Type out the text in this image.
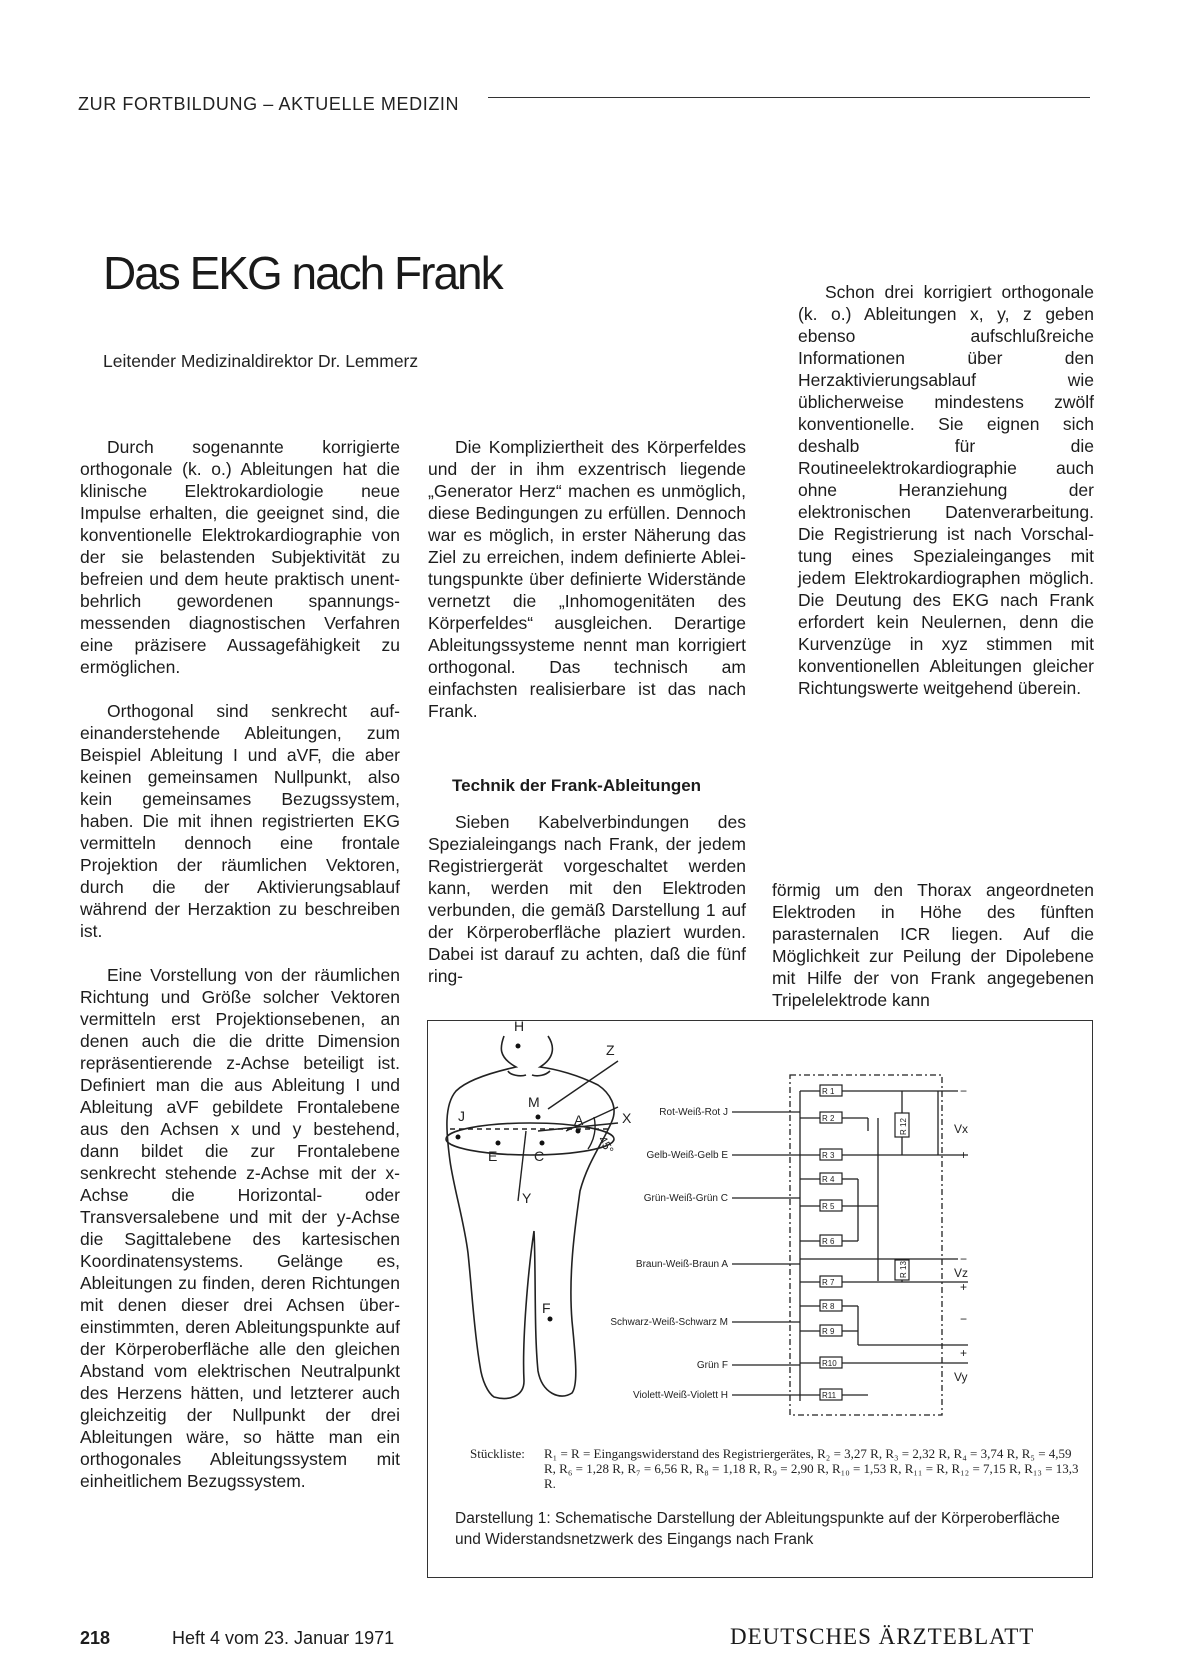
ZUR FORTBILDUNG – AKTUELLE MEDIZIN
Das EKG nach Frank
Leitender Medizinaldirektor Dr. Lemmerz

Durch sogenannte korrigierte orthogonale (k. o.) Ableitungen hat die klinische Elektrokardiologie neue Impulse erhalten, die geeignet sind, die konventionelle Elektrokardiographie von der sie belastenden Subjektivität zu befreien und dem heute praktisch unentbehrlich gewordenen spannungsmessenden diagnostischen Verfahren eine präzisere Aussagefähigkeit zu ermöglichen.

Orthogonal sind senkrecht aufeinanderstehende Ableitungen, zum Beispiel Ableitung I und aVF, die aber keinen gemeinsamen Nullpunkt, also kein gemeinsames Bezugssystem, haben. Die mit ihnen registrierten EKG vermitteln dennoch eine frontale Projektion der räumlichen Vektoren, durch die der Aktivierungsablauf während der Herzaktion zu beschreiben ist.

Eine Vorstellung von der räumlichen Richtung und Größe solcher Vektoren vermitteln erst Projektionsebenen, an denen auch die die dritte Dimension repräsentierende z-Achse beteiligt ist. Definiert man die aus Ableitung I und Ableitung aVF gebildete Frontalebene aus den Achsen x und y bestehend, dann bildet die zur Frontalebene senkrecht stehende z-Achse mit der x-Achse die Horizontal- oder Transversalebene und mit der y-Achse die Sagittalebene des kartesischen Koordinatensystems. Gelänge es, Ableitungen zu finden, deren Richtungen mit denen dieser drei Achsen übereinstimmten, deren Ableitungspunkte auf der Körperoberfläche alle den gleichen Abstand vom elektrischen Neutralpunkt des Herzens hätten, und letzterer auch gleichzeitig der Nullpunkt der drei Ableitungen wäre, so hätte man ein orthogonales Ableitungssystem mit einheitlichem Bezugssystem.

Die Kompliziertheit des Körperfeldes und der in ihm exzentrisch liegende „Generator Herz“ machen es unmöglich, diese Bedingungen zu erfüllen. Dennoch war es möglich, in erster Näherung das Ziel zu erreichen, indem definierte Ableitungspunkte über definierte Widerstände vernetzt die „Inhomogenitäten des Körperfeldes“ ausgleichen. Derartige Ableitungssysteme nennt man korrigiert orthogonal. Das technisch am einfachsten realisierbare ist das nach Frank.

Technik der Frank-Ableitungen

Sieben Kabelverbindungen des Spezialeingangs nach Frank, der jedem Registriergerät vorgeschaltet werden kann, werden mit den Elektroden verbunden, die gemäß Darstellung 1 auf der Körperoberfläche plaziert wurden. Dabei ist darauf zu achten, daß die fünf ring-

Schon drei korrigiert orthogonale (k. o.) Ableitungen x, y, z geben ebenso aufschlußreiche Informationen über den Herzaktivierungsablauf wie üblicherweise mindestens zwölf konventionelle. Sie eignen sich deshalb für die Routineelektrokardiographie auch ohne Heranziehung der elektronischen Datenverarbeitung. Die Registrierung ist nach Vorschaltung eines Spezialeinganges mit jedem Elektrokardiographen möglich. Die Deutung des EKG nach Frank erfordert kein Neulernen, denn die Kurvenzüge in xyz stimmen mit konventionellen Ableitungen gleicher Richtungswerte weitgehend überein.

förmig um den Thorax angeordneten Elektroden in Höhe des fünften parasternalen ICR liegen. Auf die Möglichkeit zur Peilung der Dipolebene mit Hilfe der von Frank angegebenen Tripelelektrode kann

H
Z
J
M
X
A
E	C
Y
F
45°
Rot-Weiß-Rot J
Gelb-Weiß-Gelb E
Grün-Weiß-Grün C
Braun-Weiß-Braun A
Schwarz-Weiß-Schwarz M
Grün F
Violett-Weiß-Violett H
R 1
R 2
R 3
R 4
R 5
R 6
R 7
R 8
R 9
R10
R11
R 12
R 13
−
Vx
+
−
Vz
+
−
+
Vy
Stückliste: R₁ = R = Eingangswiderstand des Registriergerätes, R₂ = 3,27 R, R₃ = 2,32 R, R₄ = 3,74 R, R₅ = 4,59 R, R₆ = 1,28 R, R₇ = 6,56 R, R₈ = 1,18 R, R₉ = 2,90 R, R₁₀ = 1,53 R, R₁₁ = R, R₁₂ = 7,15 R, R₁₃ = 13,3 R.
Darstellung 1: Schematische Darstellung der Ableitungspunkte auf der Körperoberfläche und Widerstandsnetzwerk des Eingangs nach Frank
218	Heft 4 vom 23. Januar 1971	DEUTSCHES ÄRZTEBLATT
